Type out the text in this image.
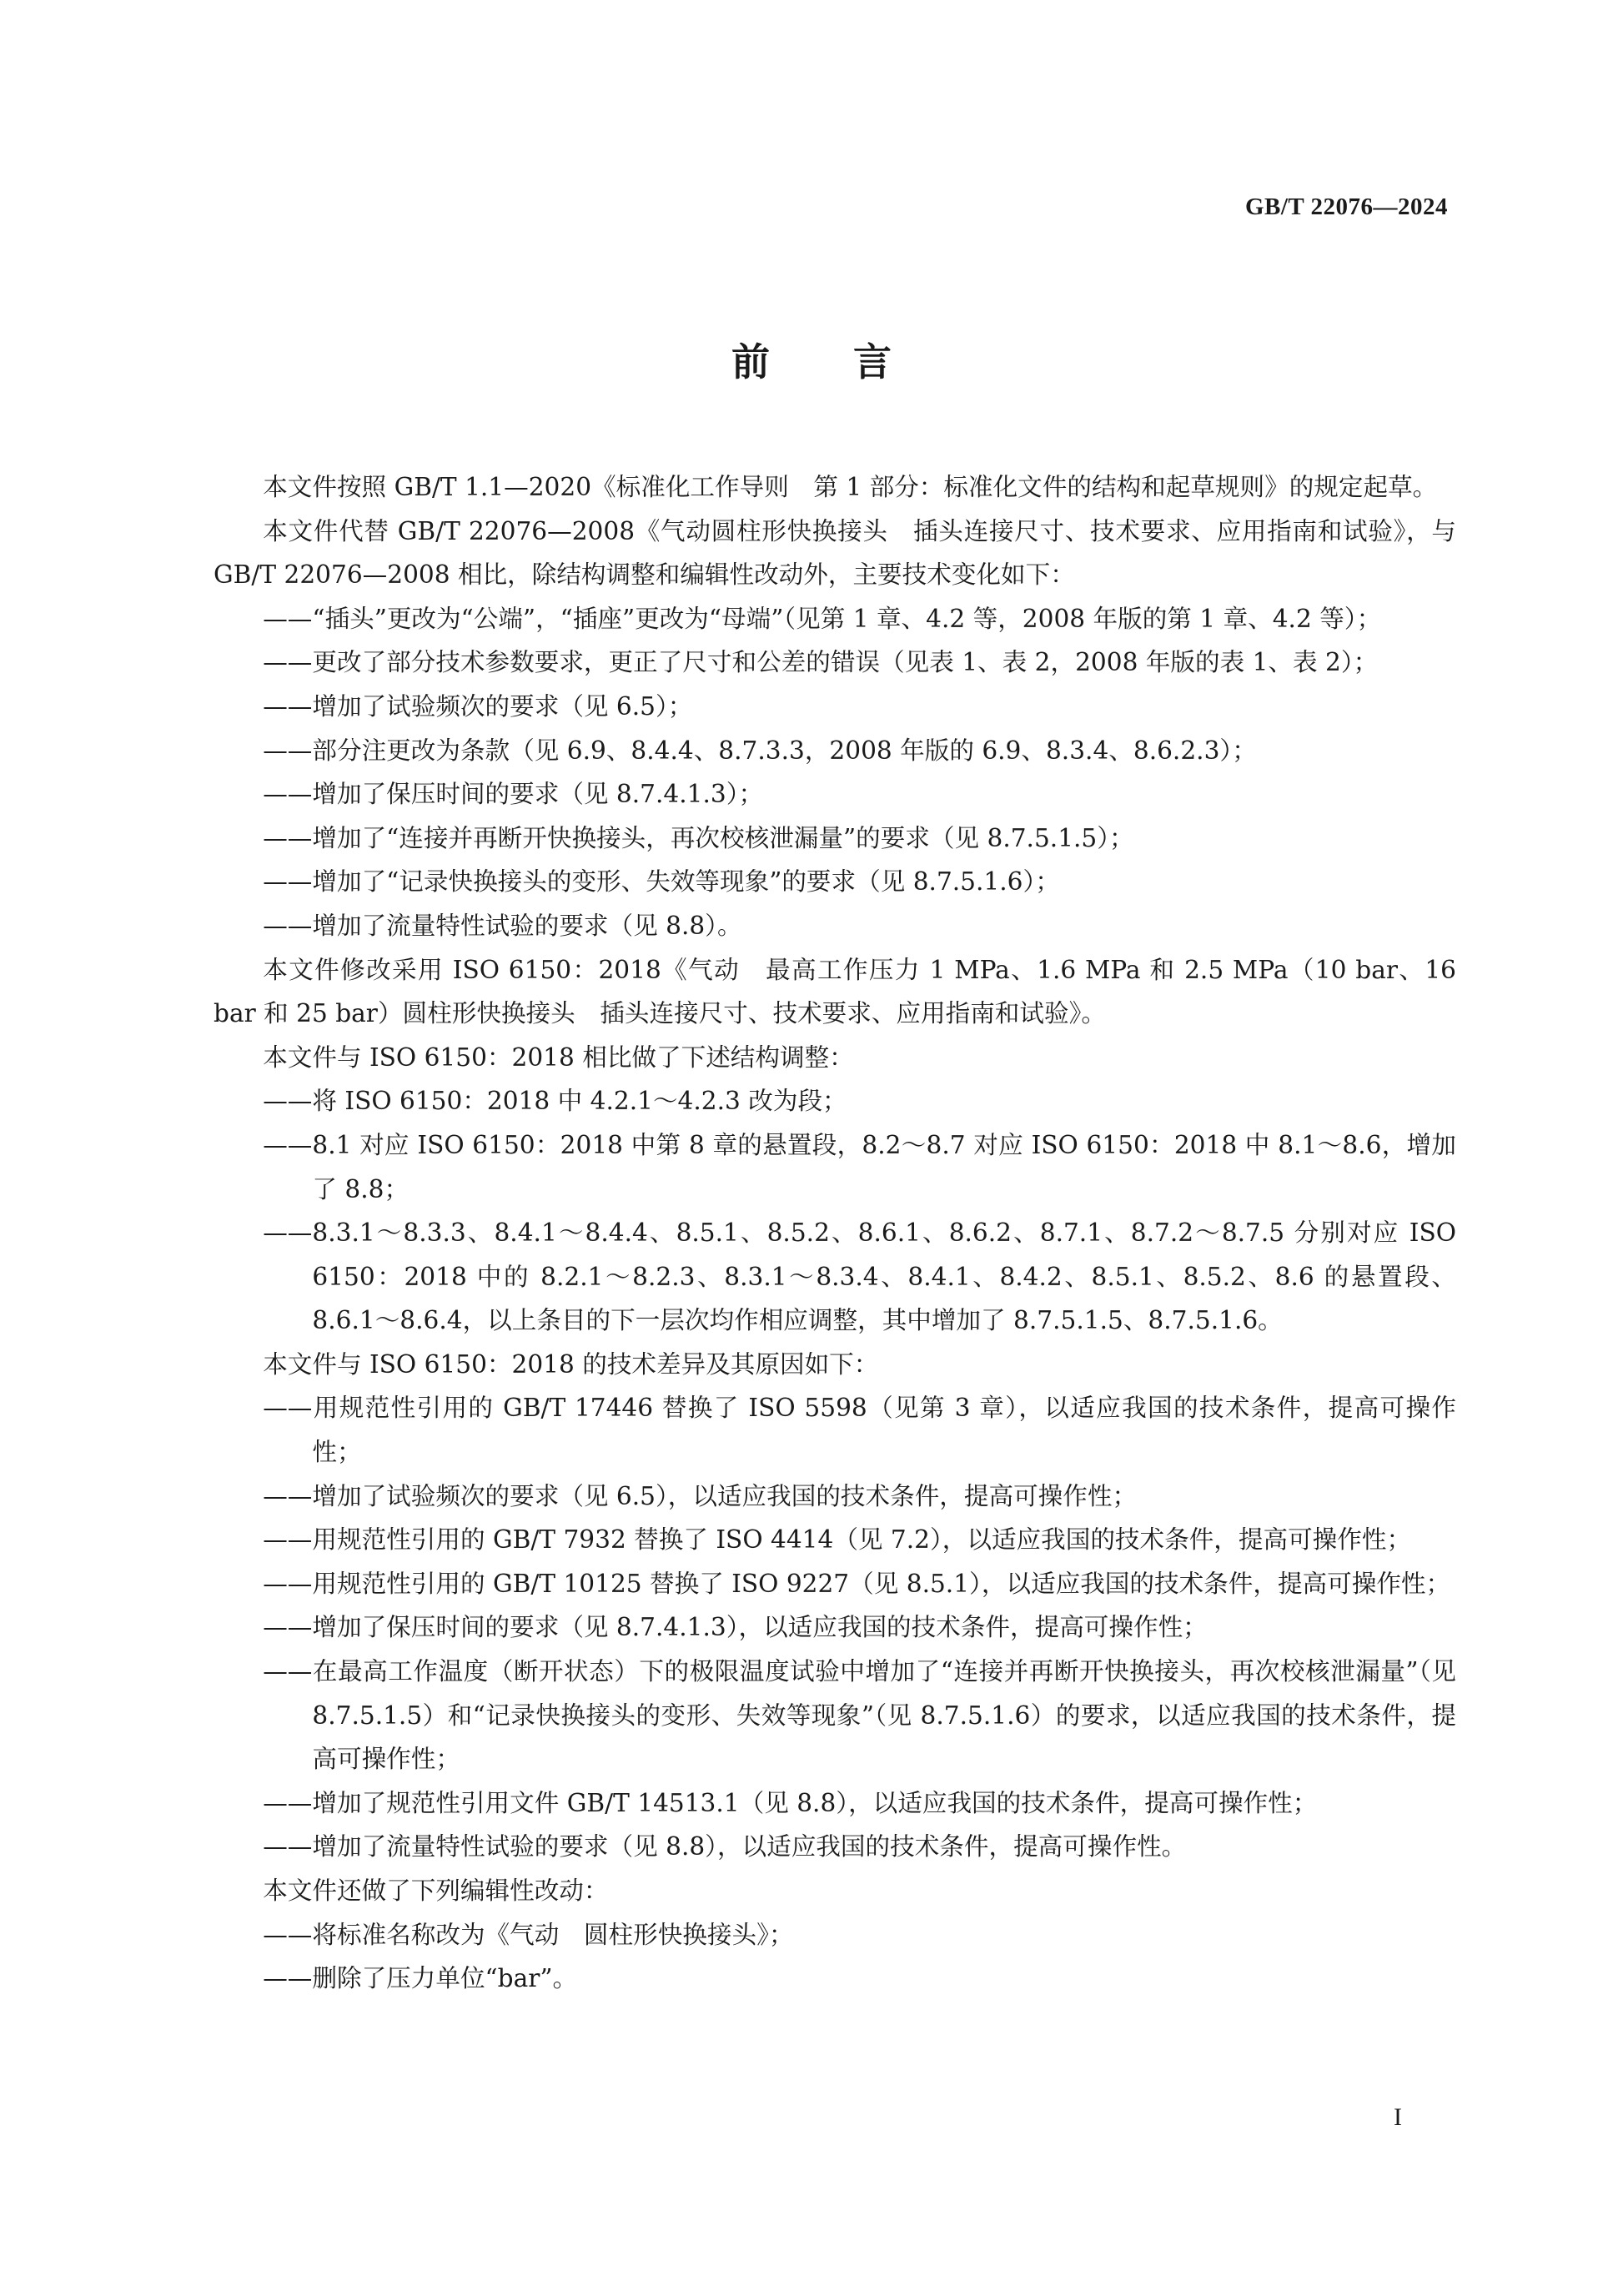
GB/T 22076—2024
前言

本文件按照 GB/T 1.1—2020《标准化工作导则　第 1 部分：标准化文件的结构和起草规则》的规定起草。

本文件代替 GB/T 22076—2008《气动圆柱形快换接头　插头连接尺寸、技术要求、应用指南和试验》，与 GB/T 22076—2008 相比，除结构调整和编辑性改动外，主要技术变化如下：

——“插头”更改为“公端”，“插座”更改为“母端”（见第 1 章、4.2 等，2008 年版的第 1 章、4.2 等）；

——更改了部分技术参数要求，更正了尺寸和公差的错误（见表 1、表 2，2008 年版的表 1、表 2）；

——增加了试验频次的要求（见 6.5）；

——部分注更改为条款（见 6.9、8.4.4、8.7.3.3，2008 年版的 6.9、8.3.4、8.6.2.3）；

——增加了保压时间的要求（见 8.7.4.1.3）；

——增加了“连接并再断开快换接头，再次校核泄漏量”的要求（见 8.7.5.1.5）；

——增加了“记录快换接头的变形、失效等现象”的要求（见 8.7.5.1.6）；

——增加了流量特性试验的要求（见 8.8）。

本文件修改采用 ISO 6150：2018《气动　最高工作压力 1 MPa、1.6 MPa 和 2.5 MPa（10 bar、16 bar 和 25 bar）圆柱形快换接头　插头连接尺寸、技术要求、应用指南和试验》。

本文件与 ISO 6150：2018 相比做了下述结构调整：

——将 ISO 6150：2018 中 4.2.1～4.2.3 改为段；

——8.1 对应 ISO 6150：2018 中第 8 章的悬置段，8.2～8.7 对应 ISO 6150：2018 中 8.1～8.6，增加了 8.8；

——8.3.1～8.3.3、8.4.1～8.4.4、8.5.1、8.5.2、8.6.1、8.6.2、8.7.1、8.7.2～8.7.5 分别对应 ISO 6150：2018 中的 8.2.1～8.2.3、8.3.1～8.3.4、8.4.1、8.4.2、8.5.1、8.5.2、8.6 的悬置段、8.6.1～8.6.4，以上条目的下一层次均作相应调整，其中增加了 8.7.5.1.5、8.7.5.1.6。

本文件与 ISO 6150：2018 的技术差异及其原因如下：

——用规范性引用的 GB/T 17446 替换了 ISO 5598（见第 3 章），以适应我国的技术条件，提高可操作性；

——增加了试验频次的要求（见 6.5），以适应我国的技术条件，提高可操作性；

——用规范性引用的 GB/T 7932 替换了 ISO 4414（见 7.2），以适应我国的技术条件，提高可操作性；

——用规范性引用的 GB/T 10125 替换了 ISO 9227（见 8.5.1），以适应我国的技术条件，提高可操作性；

——增加了保压时间的要求（见 8.7.4.1.3），以适应我国的技术条件，提高可操作性；

——在最高工作温度（断开状态）下的极限温度试验中增加了“连接并再断开快换接头，再次校核泄漏量”（见 8.7.5.1.5）和“记录快换接头的变形、失效等现象”（见 8.7.5.1.6）的要求，以适应我国的技术条件，提高可操作性；

——增加了规范性引用文件 GB/T 14513.1（见 8.8），以适应我国的技术条件，提高可操作性；

——增加了流量特性试验的要求（见 8.8），以适应我国的技术条件，提高可操作性。

本文件还做了下列编辑性改动：

——将标准名称改为《气动　圆柱形快换接头》；

——删除了压力单位“bar”。

I
